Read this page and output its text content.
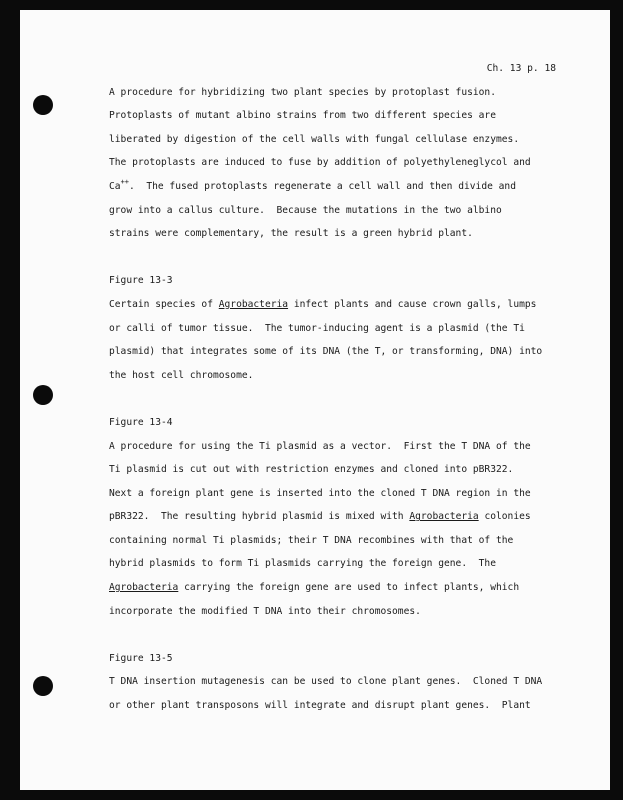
Ch. 13 p. 18
A procedure for hybridizing two plant species by protoplast fusion.
Protoplasts of mutant albino strains from two different species are
liberated by digestion of the cell walls with fungal cellulase enzymes.
The protoplasts are induced to fuse by addition of polyethyleneglycol and
Ca++.  The fused protoplasts regenerate a cell wall and then divide and
grow into a callus culture.  Because the mutations in the two albino
strains were complementary, the result is a green hybrid plant.
Figure 13-3
Certain species of Agrobacteria infect plants and cause crown galls, lumps
or calli of tumor tissue.  The tumor-inducing agent is a plasmid (the Ti
plasmid) that integrates some of its DNA (the T, or transforming, DNA) into
the host cell chromosome.
Figure 13-4
A procedure for using the Ti plasmid as a vector.  First the T DNA of the
Ti plasmid is cut out with restriction enzymes and cloned into pBR322.
Next a foreign plant gene is inserted into the cloned T DNA region in the
pBR322.  The resulting hybrid plasmid is mixed with Agrobacteria colonies
containing normal Ti plasmids; their T DNA recombines with that of the
hybrid plasmids to form Ti plasmids carrying the foreign gene.  The
Agrobacteria carrying the foreign gene are used to infect plants, which
incorporate the modified T DNA into their chromosomes.
Figure 13-5
T DNA insertion mutagenesis can be used to clone plant genes.  Cloned T DNA
or other plant transposons will integrate and disrupt plant genes.  Plant
